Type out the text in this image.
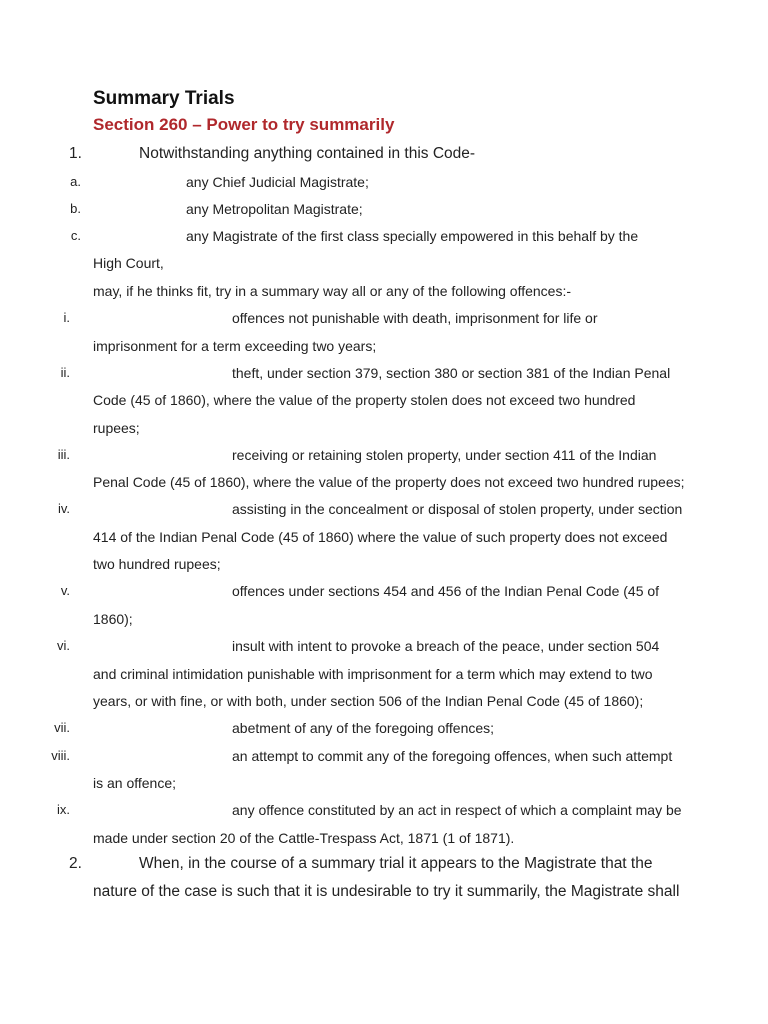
Summary Trials
Section 260 – Power to try summarily
1.	Notwithstanding anything contained in this Code-
a.	any Chief Judicial Magistrate;
b.	any Metropolitan Magistrate;
c.	any Magistrate of the first class specially empowered in this behalf by the
High Court,
may, if he thinks fit, try in a summary way all or any of the following offences:-
i.	offences not punishable with death, imprisonment for life or
imprisonment for a term exceeding two years;
ii.	theft, under section 379, section 380 or section 381 of the Indian Penal
Code (45 of 1860), where the value of the property stolen does not exceed two hundred
rupees;
iii.	receiving or retaining stolen property, under section 411 of the Indian
Penal Code (45 of 1860), where the value of the property does not exceed two hundred rupees;
iv.	assisting in the concealment or disposal of stolen property, under section
414 of the Indian Penal Code (45 of 1860) where the value of such property does not exceed
two hundred rupees;
v.	offences under sections 454 and 456 of the Indian Penal Code (45 of
1860);
vi.	insult with intent to provoke a breach of the peace, under section 504
and criminal intimidation punishable with imprisonment for a term which may extend to two
years, or with fine, or with both, under section 506 of the Indian Penal Code (45 of 1860);
vii.	abetment of any of the foregoing offences;
viii.	an attempt to commit any of the foregoing offences, when such attempt
is an offence;
ix.	any offence constituted by an act in respect of which a complaint may be
made under section 20 of the Cattle-Trespass Act, 1871 (1 of 1871).
2.	When, in the course of a summary trial it appears to the Magistrate that the
nature of the case is such that it is undesirable to try it summarily, the Magistrate shall
